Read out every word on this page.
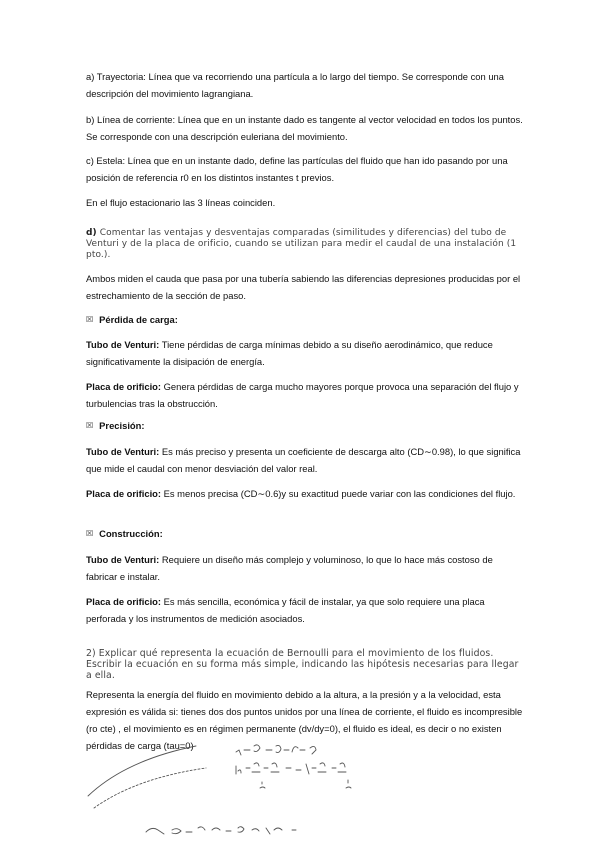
a) Trayectoria: Línea que va recorriendo una partícula a lo largo del tiempo. Se corresponde con una descripción del movimiento lagrangiana.

b) Línea de corriente: Línea que en un instante dado es tangente al vector velocidad en todos los puntos. Se corresponde con una descripción euleriana del movimiento.

c) Estela: Línea que en un instante dado, define las partículas del fluido que han ido pasando por una posición de referencia r0 en los distintos instantes t previos.

En el flujo estacionario las 3 líneas coinciden.

d) Comentar las ventajas y desventajas comparadas (similitudes y diferencias) del tubo de Venturi y de la placa de orificio, cuando se utilizan para medir el caudal de una instalación (1 pto.).

Ambos miden el cauda que pasa por una tubería sabiendo las diferencias depresiones producidas por el estrechamiento de la sección de paso.

☒ Pérdida de carga:

Tubo de Venturi: Tiene pérdidas de carga mínimas debido a su diseño aerodinámico, que reduce significativamente la disipación de energía.

Placa de orificio: Genera pérdidas de carga mucho mayores porque provoca una separación del flujo y turbulencias tras la obstrucción.

☒ Precisión:

Tubo de Venturi: Es más preciso y presenta un coeficiente de descarga alto (CD∼0.98), lo que significa que mide el caudal con menor desviación del valor real.

Placa de orificio: Es menos precisa (CD∼0.6)y su exactitud puede variar con las condiciones del flujo.

☒ Construcción:

Tubo de Venturi: Requiere un diseño más complejo y voluminoso, lo que lo hace más costoso de fabricar e instalar.

Placa de orificio: Es más sencilla, económica y fácil de instalar, ya que solo requiere una placa perforada y los instrumentos de medición asociados.

2) Explicar qué representa la ecuación de Bernoulli para el movimiento de los fluidos. Escribir la ecuación en su forma más simple, indicando las hipótesis necesarias para llegar a ella.

Representa la energía del fluido en movimiento debido a la altura, a la presión y a la velocidad, esta expresión es válida si: tienes dos dos puntos unidos por una línea de corriente, el fluido es incompresible (ro cte) , el movimiento es en régimen permanente (dv/dy=0), el fluido es ideal, es decir o no existen pérdidas de carga (tau=0)
